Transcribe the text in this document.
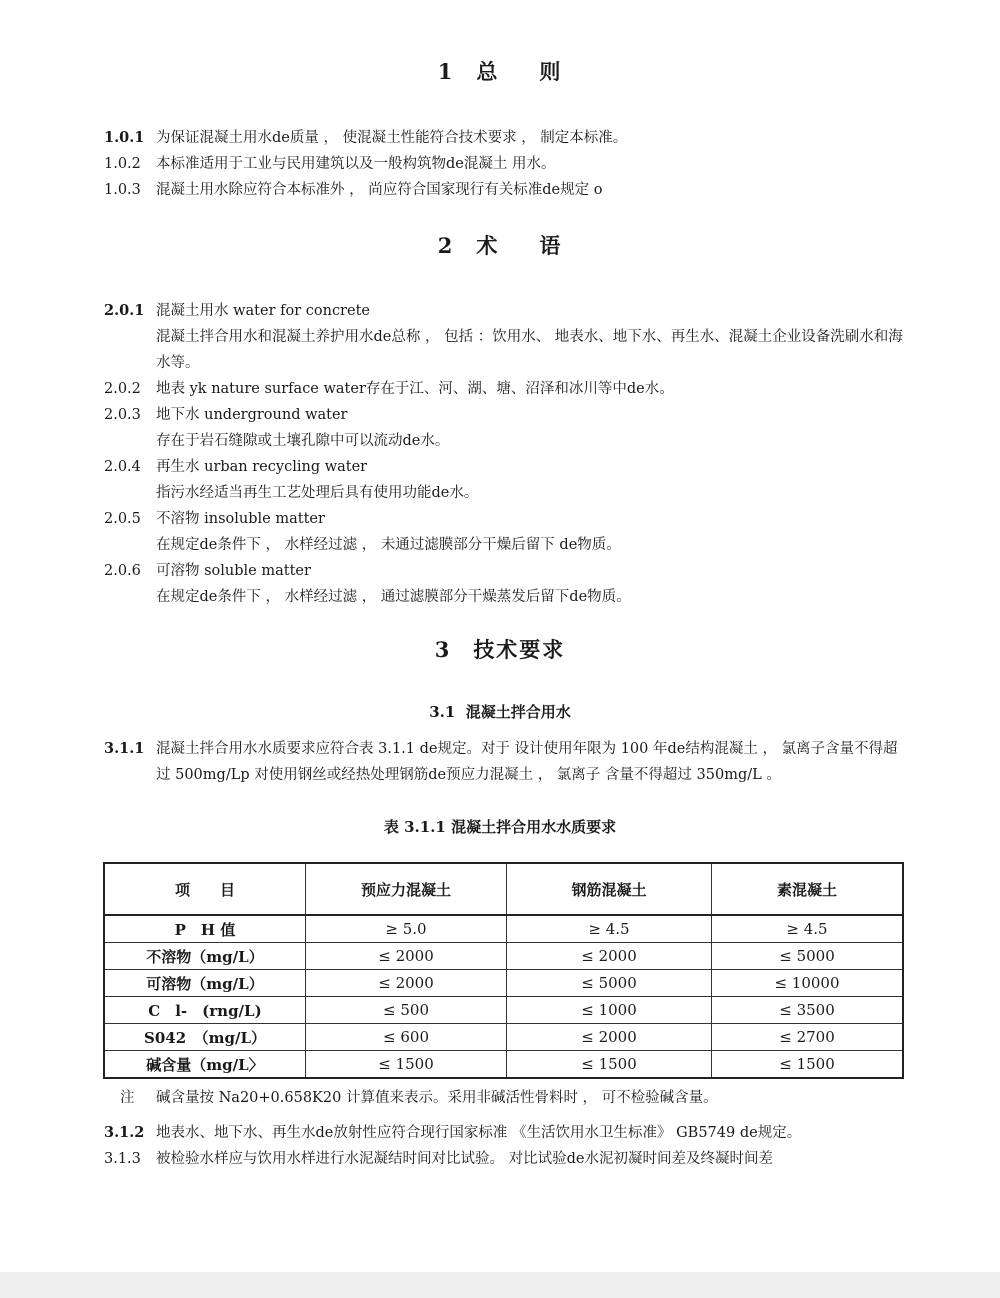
1 总 则
1.0.1 为保证混凝土用水de质量 ， 使混凝土性能符合技术要求 ， 制定本标准。
1.0.2 本标准适用于工业与民用建筑以及一般构筑物de混凝土 用水。
1.0.3 混凝土用水除应符合本标准外 ， 尚应符合国家现行有关标准de规定 o
2 术 语
2.0.1 混凝土用水 water for concrete
混凝土拌合用水和混凝土养护用水de总称 ， 包括 ：饮用水、 地表水、地下水、再生水、混凝土企业设备洗刷水和海水等。
2.0.2 地表 yk nature surface water存在于江、河、湖、塘、沼泽和冰川等中de水。
2.0.3 地下水 underground water
存在于岩石缝隙或土壤孔隙中可以流动de水。
2.0.4 再生水 urban recycling water
指污水经适当再生工艺处理后具有使用功能de水。
2.0.5 不溶物 insoluble matter
在规定de条件下 ， 水样经过滤 ， 未通过滤膜部分干燥后留下 de物质。
2.0.6 可溶物 soluble matter
在规定de条件下 ， 水样经过滤 ， 通过滤膜部分干燥蒸发后留下de物质。
3 技术要求
3.1 混凝土拌合用水
3.1.1 混凝土拌合用水水质要求应符合表 3.1.1 de规定。对于 设计使用年限为 100 年de结构混凝土 ， 氯离子含量不得超过 500mg/Lp 对使用钢丝或经热处理钢筋de预应力混凝土 ， 氯离子 含量不得超过 350mg/L 。
表 3.1.1 混凝土拌合用水水质要求
项　　目	预应力混凝土	钢筋混凝土	素混凝土
P　H 值	≥ 5.0	≥ 4.5	≥ 4.5
不溶物（mg/L）	≤ 2000	≤ 2000	≤ 5000
可溶物（mg/L）	≤ 2000	≤ 5000	≤ 10000
C　l-　(rng/L)	≤ 500	≤ 1000	≤ 3500
S042　（mg/L）	≤ 600	≤ 2000	≤ 2700
碱含量（mg/L〉	≤ 1500	≤ 1500	≤ 1500
注 碱含量按 Na20+0.658K20 计算值来表示。采用非碱活性骨料时 ， 可不检验碱含量。
3.1.2 地表水、地下水、再生水de放射性应符合现行国家标准 《生活饮用水卫生标准》 GB5749 de规定。
3.1.3 被检验水样应与饮用水样进行水泥凝结时间对比试验。 对比试验de水泥初凝时间差及终凝时间差
